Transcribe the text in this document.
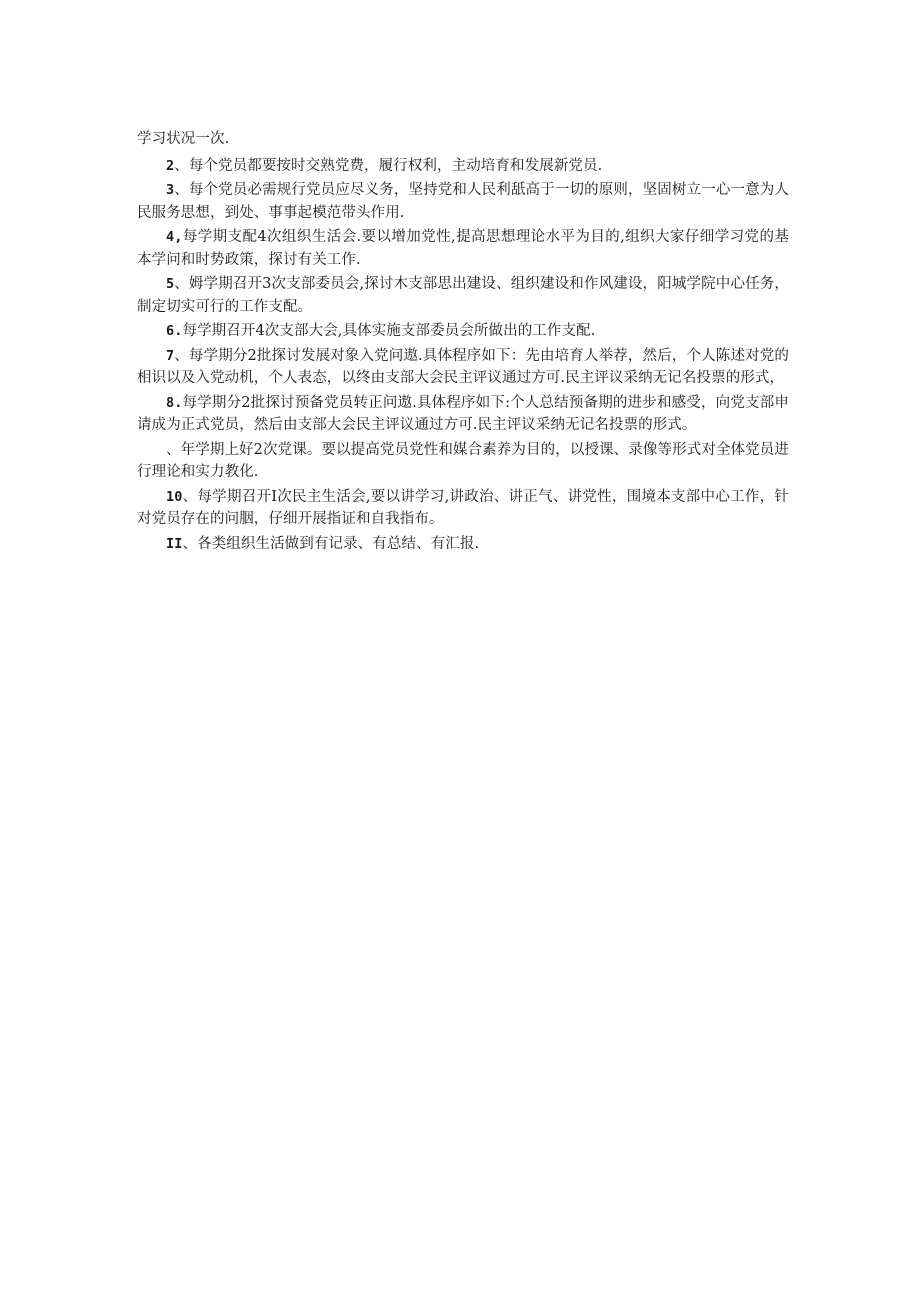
学习状况一次.

2、每个党员都要按时交熟党费，履行权利，主动培育和发展新党员.

3、每个党员必需规行党员应尽义务，坚持党和人民利舐高于一切的原则，坚固树立一心一意为人民服务思想，到处、事事起模范带头作用.

4,每学期支配4次组织生活会.要以增加党性,提高思想理论水平为目的,组织大家仔细学习党的基本学问和时势政策，探讨有关工作.

5、姆学期召开3次支部委员会,探讨木支部思出建设、组织建设和作风建设，阳城学院中心任务，制定切实可行的工作支配。

6.每学期召开4次支部大会,具体实施支部委员会所做出的工作支配.

7、每学期分2批探讨发展对象入党问遨.具体程序如下：先由培育人举荐，然后，个人陈述对党的相识以及入党动机，个人表态，以终由支部大会民主评议通过方可.民主评议采纳无记名投票的形式，

8.每学期分2批探讨预备党员转正问遨.具体程序如下:个人总结预备期的进步和感受，向党支部申请成为正式党员，然后由支部大会民主评议通过方可.民主评议采纳无记名投票的形式。

、年学期上好2次党课。要以提高党员党性和媒合素养为目的，以授课、录像等形式对全体党员进行理论和实力教化.

10、每学期召开I次民主生活会,要以讲学习,讲政治、讲正气、讲党性，围境本支部中心工作，针对党员存在的问胭，仔细开展指证和自我指布。

II、各类组织生活做到有记录、有总结、有汇报.
